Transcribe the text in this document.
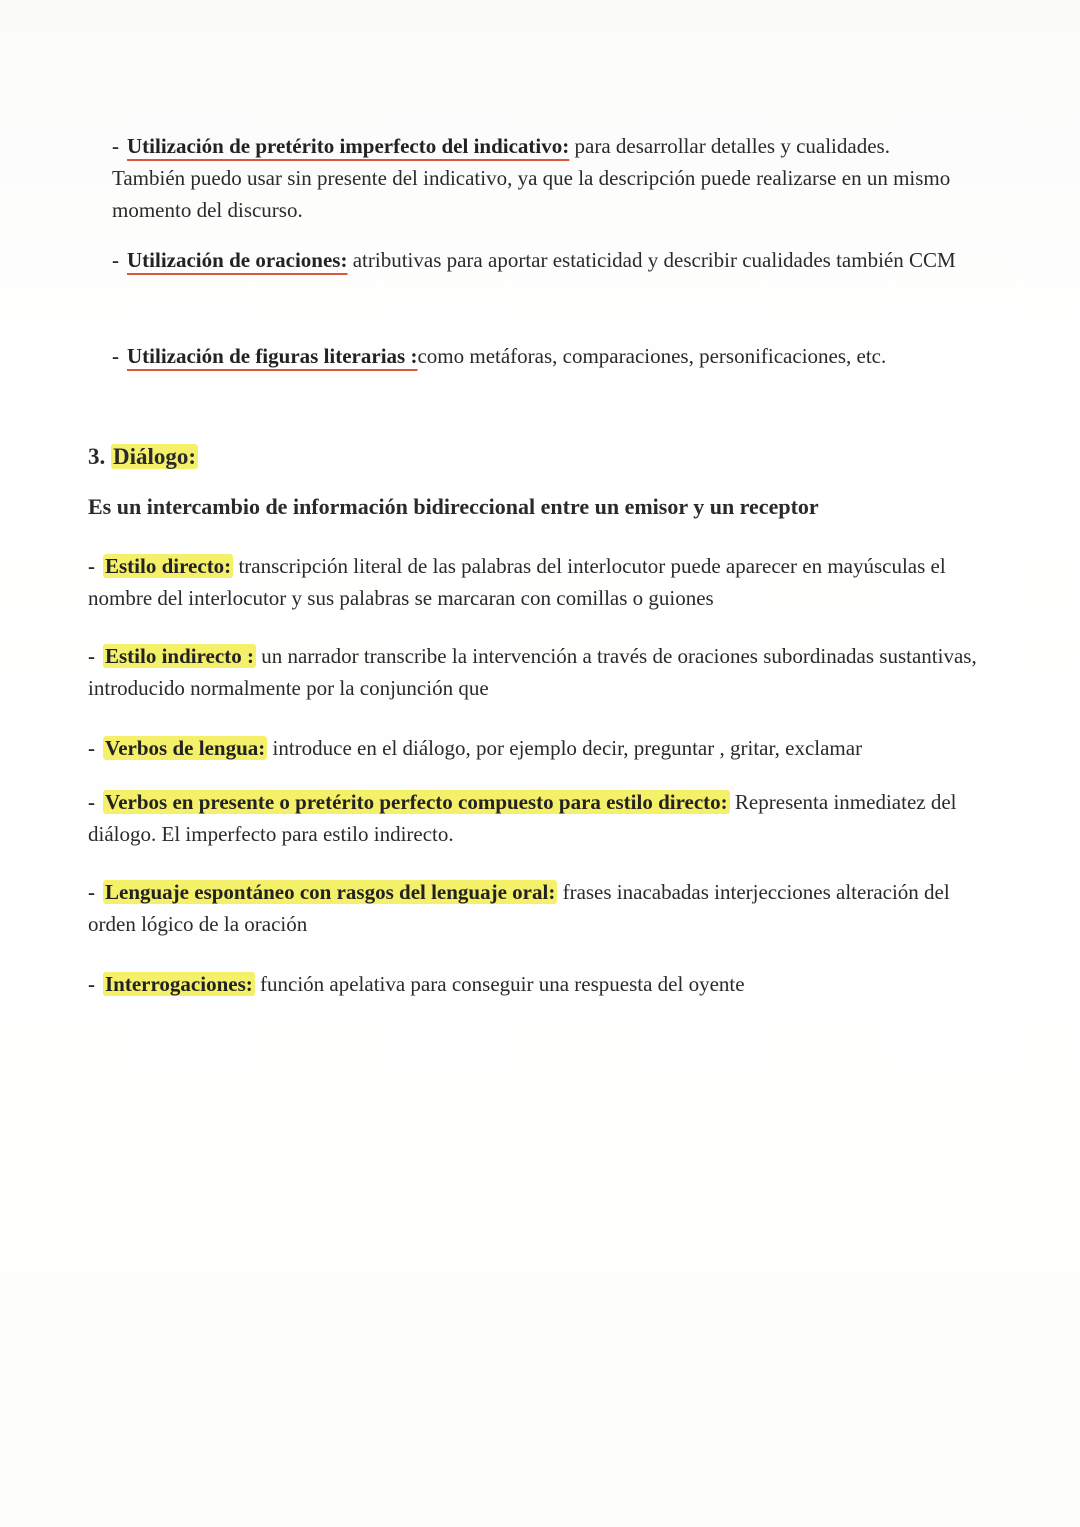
- Utilización de pretérito imperfecto del indicativo: para desarrollar detalles y cualidades. También puedo usar sin presente del indicativo, ya que la descripción puede realizarse en un mismo momento del discurso.
- Utilización de oraciones: atributivas para aportar estaticidad y describir cualidades también CCM
- Utilización de figuras literarias :como metáforas, comparaciones, personificaciones, etc.
3. Diálogo:
Es un intercambio de información bidireccional entre un emisor y un receptor
- Estilo directo: transcripción literal de las palabras del interlocutor puede aparecer en mayúsculas el nombre del interlocutor y sus palabras se marcaran con comillas o guiones
- Estilo indirecto : un narrador transcribe la intervención a través de oraciones subordinadas sustantivas, introducido normalmente por la conjunción que
- Verbos de lengua: introduce en el diálogo, por ejemplo decir, preguntar , gritar, exclamar
- Verbos en presente o pretérito perfecto compuesto para estilo directo: Representa inmediatez del diálogo. El imperfecto para estilo indirecto.
- Lenguaje espontáneo con rasgos del lenguaje oral: frases inacabadas interjecciones alteración del orden lógico de la oración
- Interrogaciones: función apelativa para conseguir una respuesta del oyente
